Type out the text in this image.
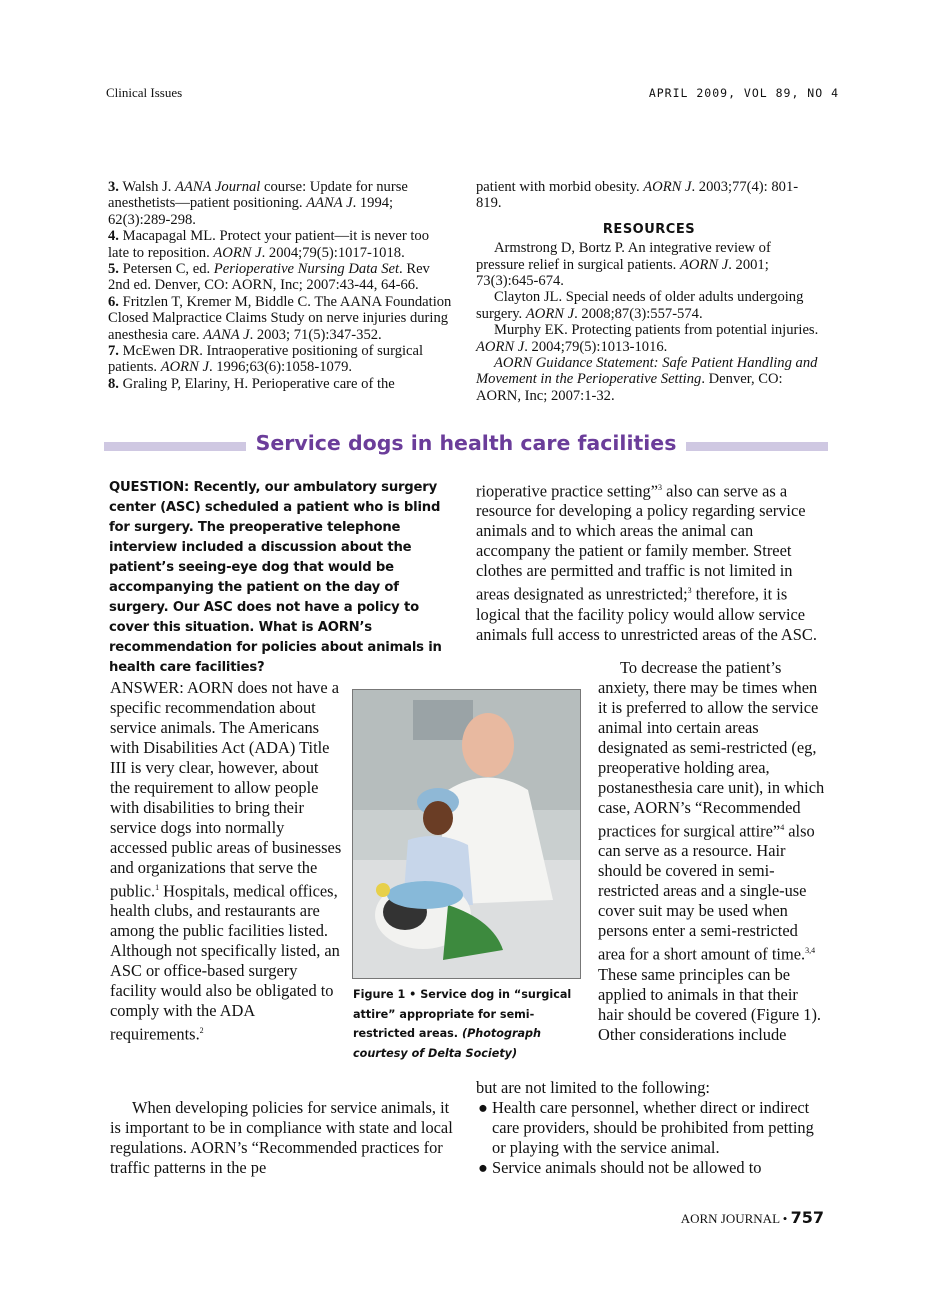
Clinical Issues	APRIL 2009, VOL 89, NO 4

3. Walsh J. AANA Journal course: Update for nurse anesthetists—patient positioning. AANA J. 1994; 62(3):289-298.

4. Macapagal ML. Protect your patient—it is never too late to reposition. AORN J. 2004;79(5):1017-1018.

5. Petersen C, ed. Perioperative Nursing Data Set. Rev 2nd ed. Denver, CO: AORN, Inc; 2007:43-44, 64-66.

6. Fritzlen T, Kremer M, Biddle C. The AANA Foundation Closed Malpractice Claims Study on nerve injuries during anesthesia care. AANA J. 2003; 71(5):347-352.

7. McEwen DR. Intraoperative positioning of surgical patients. AORN J. 1996;63(6):1058-1079.

8. Graling P, Elariny, H. Perioperative care of the

patient with morbid obesity. AORN J. 2003;77(4): 801-819.

RESOURCES

Armstrong D, Bortz P. An integrative review of pressure relief in surgical patients. AORN J. 2001; 73(3):645-674.

Clayton JL. Special needs of older adults undergoing surgery. AORN J. 2008;87(3):557-574.

Murphy EK. Protecting patients from potential injuries. AORN J. 2004;79(5):1013-1016.

AORN Guidance Statement: Safe Patient Handling and Movement in the Perioperative Setting. Denver, CO: AORN, Inc; 2007:1-32.

Service dogs in health care facilities
QUESTION: Recently, our ambulatory surgery center (ASC) scheduled a patient who is blind for surgery. The preoperative telephone interview included a discussion about the patient’s seeing-eye dog that would be accompanying the patient on the day of surgery. Our ASC does not have a policy to cover this situation. What is AORN’s recommendation for policies about animals in health care facilities?

ANSWER: AORN does not have a specific recommendation about service animals. The Americans with Disabilities Act (ADA) Title III is very clear, however, about the requirement to allow people with disabilities to bring their service dogs into normally accessed public areas of businesses and organizations that serve the public.$^1$ Hospitals, medical offices, health clubs, and restaurants are among the public facilities listed. Although not specifically listed, an ASC or office-based surgery facility would also be obligated to comply with the ADA requirements.$^2$

When developing policies for service animals, it is important to be in compliance with state and local regulations. AORN’s “Recommended practices for traffic patterns in the pe

Figure 1 • Service dog in “surgical attire” appropriate for semi-restricted areas. (Photograph courtesy of Delta Society)

rioperative practice setting”$^3$ also can serve as a resource for developing a policy regarding service animals and to which areas the animal can accompany the patient or family member. Street clothes are permitted and traffic is not limited in areas designated as unrestricted;$^3$ therefore, it is logical that the facility policy would allow service animals full access to unrestricted areas of the ASC.

To decrease the patient’s anxiety, there may be times when it is preferred to allow the service animal into certain areas designated as semi-restricted (eg, preoperative holding area, postanesthesia care unit), in which case, AORN’s “Recommended practices for surgical attire”$^4$ also can serve as a resource. Hair should be covered in semi-restricted areas and a single-use cover suit may be used when persons enter a semi-restricted area for a short amount of time.$^{3,4}$ These same principles can be applied to animals in that their hair should be covered (Figure 1). Other considerations include

but are not limited to the following:

● Health care personnel, whether direct or indirect care providers, should be prohibited from petting or playing with the service animal.
● Service animals should not be allowed to
AORN JOURNAL • 757
